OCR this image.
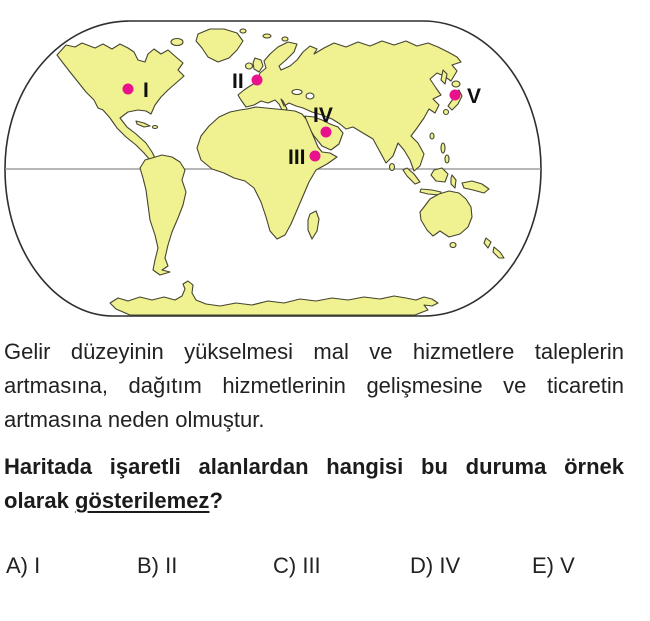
I	II
III
IV
V
Gelir düzeyinin yükselmesi mal ve hizmetlere taleplerin
artmasına, dağıtım hizmetlerinin gelişmesine ve ticaretin
artmasına neden olmuştur.
Haritada işaretli alanlardan hangisi bu duruma örnek
olarak gösterilemez?
A) I	B) II	C) III	D) IV	E) V
